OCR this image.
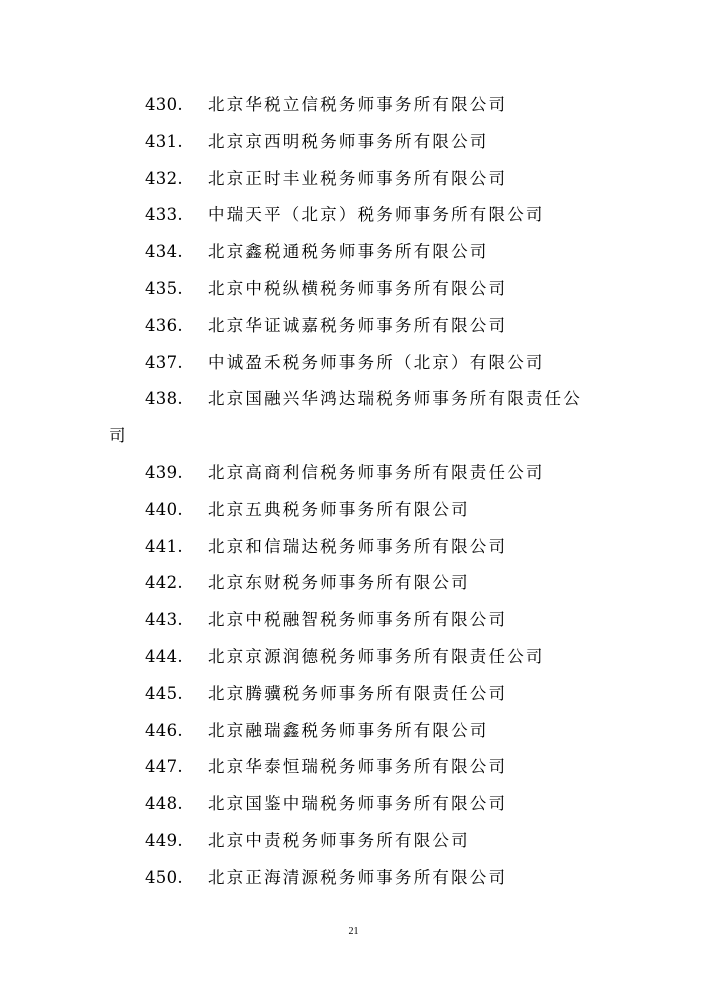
430. 北京华税立信税务师事务所有限公司
431. 北京京西明税务师事务所有限公司
432. 北京正时丰业税务师事务所有限公司
433. 中瑞天平（北京）税务师事务所有限公司
434. 北京鑫税通税务师事务所有限公司
435. 北京中税纵横税务师事务所有限公司
436. 北京华证诚嘉税务师事务所有限公司
437. 中诚盈禾税务师事务所（北京）有限公司
438. 北京国融兴华鸿达瑞税务师事务所有限责任公
司
439. 北京高商利信税务师事务所有限责任公司
440. 北京五典税务师事务所有限公司
441. 北京和信瑞达税务师事务所有限公司
442. 北京东财税务师事务所有限公司
443. 北京中税融智税务师事务所有限公司
444. 北京京源润德税务师事务所有限责任公司
445. 北京腾骥税务师事务所有限责任公司
446. 北京融瑞鑫税务师事务所有限公司
447. 北京华泰恒瑞税务师事务所有限公司
448. 北京国鉴中瑞税务师事务所有限公司
449. 北京中责税务师事务所有限公司
450. 北京正海清源税务师事务所有限公司
21
